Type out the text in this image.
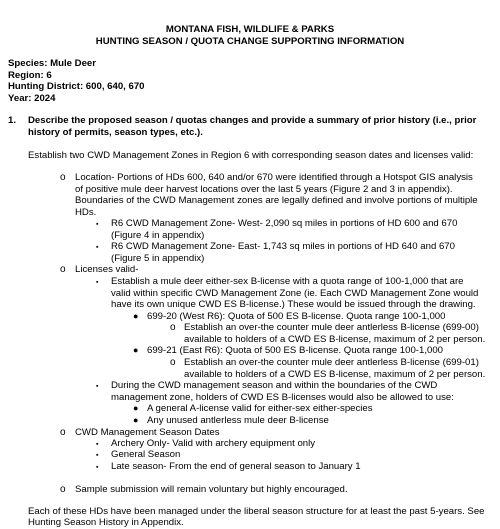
MONTANA FISH, WILDLIFE & PARKS
HUNTING SEASON / QUOTA CHANGE SUPPORTING INFORMATION
Species: Mule Deer
Region: 6
Hunting District: 600, 640, 670
Year: 2024
1. Describe the proposed season / quotas changes and provide a summary of prior history (i.e., prior
history of permits, season types, etc.).
Establish two CWD Management Zones in Region 6 with corresponding season dates and licenses valid:
o Location- Portions of HDs 600, 640 and/or 670 were identified through a Hotspot GIS analysis
of positive mule deer harvest locations over the last 5 years (Figure 2 and 3 in appendix).
Boundaries of the CWD Management zones are legally defined and involve portions of multiple
HDs.
▪ R6 CWD Management Zone- West- 2,090 sq miles in portions of HD 600 and 670
(Figure 4 in appendix)
▪ R6 CWD Management Zone- East- 1,743 sq miles in portions of HD 640 and 670
(Figure 5 in appendix)
o Licenses valid-
▪ Establish a mule deer either-sex B-license with a quota range of 100-1,000 that are
valid within specific CWD Management Zone (ie. Each CWD Management Zone would
have its own unique CWD ES B-license.) These would be issued through the drawing.
● 699-20 (West R6): Quota of 500 ES B-license. Quota range 100-1,000
o Establish an over-the counter mule deer antlerless B-license (699-00)
available to holders of a CWD ES B-license, maximum of 2 per person.
● 699-21 (East R6): Quota of 500 ES B-license. Quota range 100-1,000
o Establish an over-the counter mule deer antlerless B-license (699-01)
available to holders of a CWD ES B-license, maximum of 2 per person.
▪ During the CWD management season and within the boundaries of the CWD
management zone, holders of CWD ES B-licenses would also be allowed to use:
● A general A-license valid for either-sex either-species
● Any unused antlerless mule deer B-license
o CWD Management Season Dates
▪ Archery Only- Valid with archery equipment only
▪ General Season
▪ Late season- From the end of general season to January 1
o Sample submission will remain voluntary but highly encouraged.
Each of these HDs have been managed under the liberal season structure for at least the past 5-years. See
Hunting Season History in Appendix.
